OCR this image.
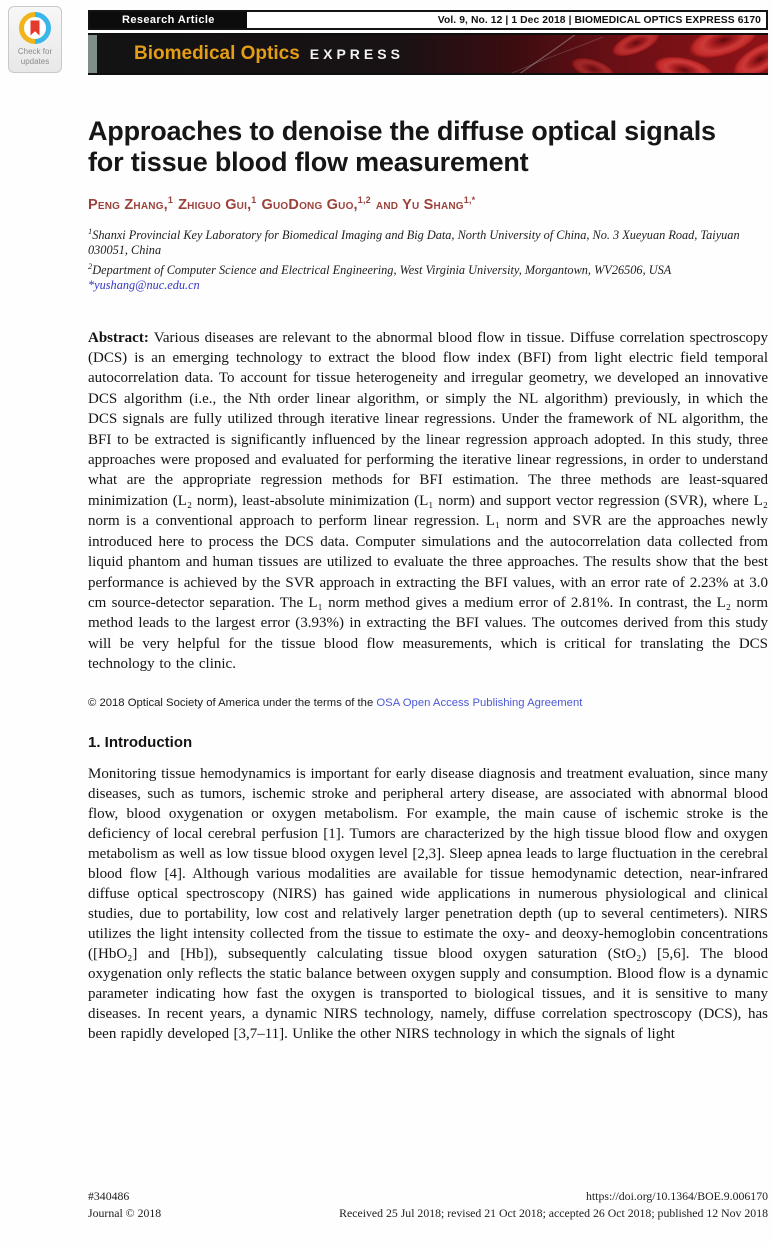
Check for
updates
Research Article	Vol. 9, No. 12 | 1 Dec 2018 | BIOMEDICAL OPTICS EXPRESS 6170
Biomedical Optics EXPRESS
Approaches to denoise the diffuse optical signals for tissue blood flow measurement

Peng Zhang,$^1$ Zhiguo Gui,$^1$ GuoDong Guo,$^{1,2}$ and Yu Shang$^{1,*}$

$^1$Shanxi Provincial Key Laboratory for Biomedical Imaging and Big Data, North University of China, No. 3 Xueyuan Road, Taiyuan 030051, China

$^2$Department of Computer Science and Electrical Engineering, West Virginia University, Morgantown, WV26506, USA

*yushang@nuc.edu.cn

Abstract: Various diseases are relevant to the abnormal blood flow in tissue. Diffuse correlation spectroscopy (DCS) is an emerging technology to extract the blood flow index (BFI) from light electric field temporal autocorrelation data. To account for tissue heterogeneity and irregular geometry, we developed an innovative DCS algorithm (i.e., the Nth order linear algorithm, or simply the NL algorithm) previously, in which the DCS signals are fully utilized through iterative linear regressions. Under the framework of NL algorithm, the BFI to be extracted is significantly influenced by the linear regression approach adopted. In this study, three approaches were proposed and evaluated for performing the iterative linear regressions, in order to understand what are the appropriate regression methods for BFI estimation. The three methods are least-squared minimization (L₂ norm), least-absolute minimization (L₁ norm) and support vector regression (SVR), where L₂ norm is a conventional approach to perform linear regression. L₁ norm and SVR are the approaches newly introduced here to process the DCS data. Computer simulations and the autocorrelation data collected from liquid phantom and human tissues are utilized to evaluate the three approaches. The results show that the best performance is achieved by the SVR approach in extracting the BFI values, with an error rate of 2.23% at 3.0 cm source-detector separation. The L₁ norm method gives a medium error of 2.81%. In contrast, the L₂ norm method leads to the largest error (3.93%) in extracting the BFI values. The outcomes derived from this study will be very helpful for the tissue blood flow measurements, which is critical for translating the DCS technology to the clinic.

© 2018 Optical Society of America under the terms of the OSA Open Access Publishing Agreement

1. Introduction

Monitoring tissue hemodynamics is important for early disease diagnosis and treatment evaluation, since many diseases, such as tumors, ischemic stroke and peripheral artery disease, are associated with abnormal blood flow, blood oxygenation or oxygen metabolism. For example, the main cause of ischemic stroke is the deficiency of local cerebral perfusion [1]. Tumors are characterized by the high tissue blood flow and oxygen metabolism as well as low tissue blood oxygen level [2,3]. Sleep apnea leads to large fluctuation in the cerebral blood flow [4]. Although various modalities are available for tissue hemodynamic detection, near-infrared diffuse optical spectroscopy (NIRS) has gained wide applications in numerous physiological and clinical studies, due to portability, low cost and relatively larger penetration depth (up to several centimeters). NIRS utilizes the light intensity collected from the tissue to estimate the oxy- and deoxy-hemoglobin concentrations ([HbO₂] and [Hb]), subsequently calculating tissue blood oxygen saturation (StO₂) [5,6]. The blood oxygenation only reflects the static balance between oxygen supply and consumption. Blood flow is a dynamic parameter indicating how fast the oxygen is transported to biological tissues, and it is sensitive to many diseases. In recent years, a dynamic NIRS technology, namely, diffuse correlation spectroscopy (DCS), has been rapidly developed [3,7–11]. Unlike the other NIRS technology in which the signals of light

#340486	https://doi.org/10.1364/BOE.9.006170
Journal © 2018	Received 25 Jul 2018; revised 21 Oct 2018; accepted 26 Oct 2018; published 12 Nov 2018
